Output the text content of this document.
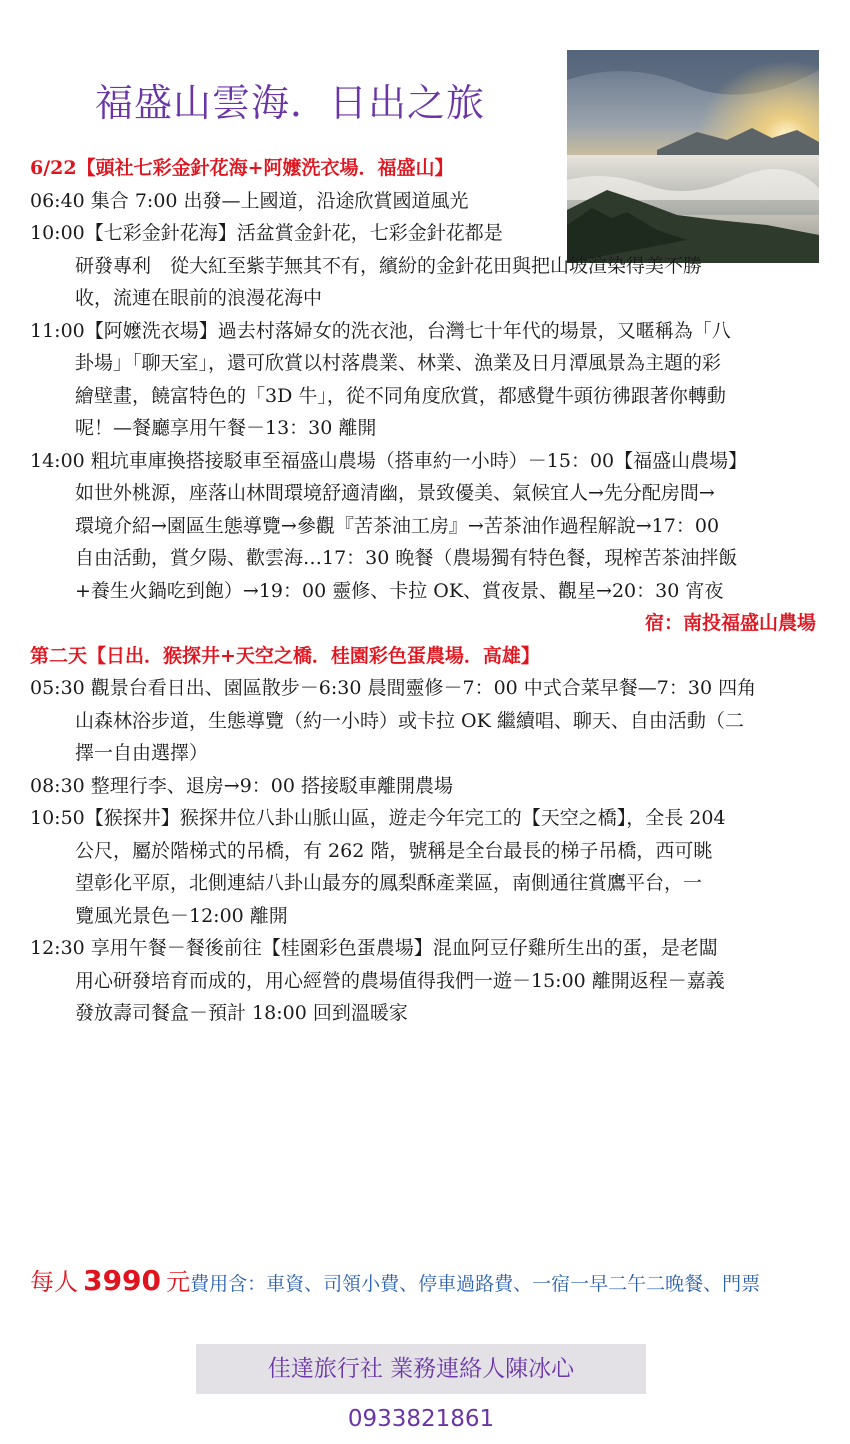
福盛山雲海．日出之旅
6/22【頭社七彩金針花海+阿嬤洗衣場．福盛山】
06:40 集合 7:00 出發—上國道，沿途欣賞國道風光
10:00【七彩金針花海】活盆賞金針花，七彩金針花都是
研發專利　從大紅至紫芋無其不有，繽紛的金針花田與把山坡渲染得美不勝
收，流連在眼前的浪漫花海中
11:00【阿嬤洗衣場】過去村落婦女的洗衣池，台灣七十年代的場景，又暱稱為「八
卦場」「聊天室」，還可欣賞以村落農業、林業、漁業及日月潭風景為主題的彩
繪壁畫，饒富特色的「3D 牛」，從不同角度欣賞，都感覺牛頭彷彿跟著你轉動
呢！—餐廳享用午餐－13：30 離開
14:00 粗坑車庫換搭接駁車至福盛山農場（搭車約一小時）－15：00【福盛山農場】
如世外桃源，座落山林間環境舒適清幽，景致優美、氣候宜人→先分配房間→
環境介紹→園區生態導覽→參觀『苦茶油工房』→苦茶油作過程解說→17：00
自由活動，賞夕陽、歡雲海…17：30 晚餐（農場獨有特色餐，現榨苦茶油拌飯
+養生火鍋吃到飽）→19：00 靈修、卡拉 OK、賞夜景、觀星→20：30 宵夜
宿：南投福盛山農場
第二天【日出．猴探井+天空之橋．桂園彩色蛋農場．高雄】
05:30 觀景台看日出、園區散步－6:30 晨間靈修－7：00 中式合菜早餐—7：30 四角
山森林浴步道，生態導覽（約一小時）或卡拉 OK 繼續唱、聊天、自由活動（二
擇一自由選擇）
08:30 整理行李、退房→9：00 搭接駁車離開農場
10:50【猴探井】猴探井位八卦山脈山區，遊走今年完工的【天空之橋】，全長 204
公尺，屬於階梯式的吊橋，有 262 階，號稱是全台最長的梯子吊橋，西可眺
望彰化平原，北側連結八卦山最夯的鳳梨酥產業區，南側通往賞鷹平台，一
覽風光景色－12:00 離開
12:30 享用午餐－餐後前往【桂園彩色蛋農場】混血阿豆仔雞所生出的蛋，是老闆
用心研發培育而成的，用心經營的農場值得我們一遊－15:00 離開返程－嘉義
發放壽司餐盒－預計 18:00 回到溫暖家
每人 3990 元費用含：車資、司領小費、停車過路費、一宿一早二午二晚餐、門票
佳達旅行社 業務連絡人陳冰心 0933821861
